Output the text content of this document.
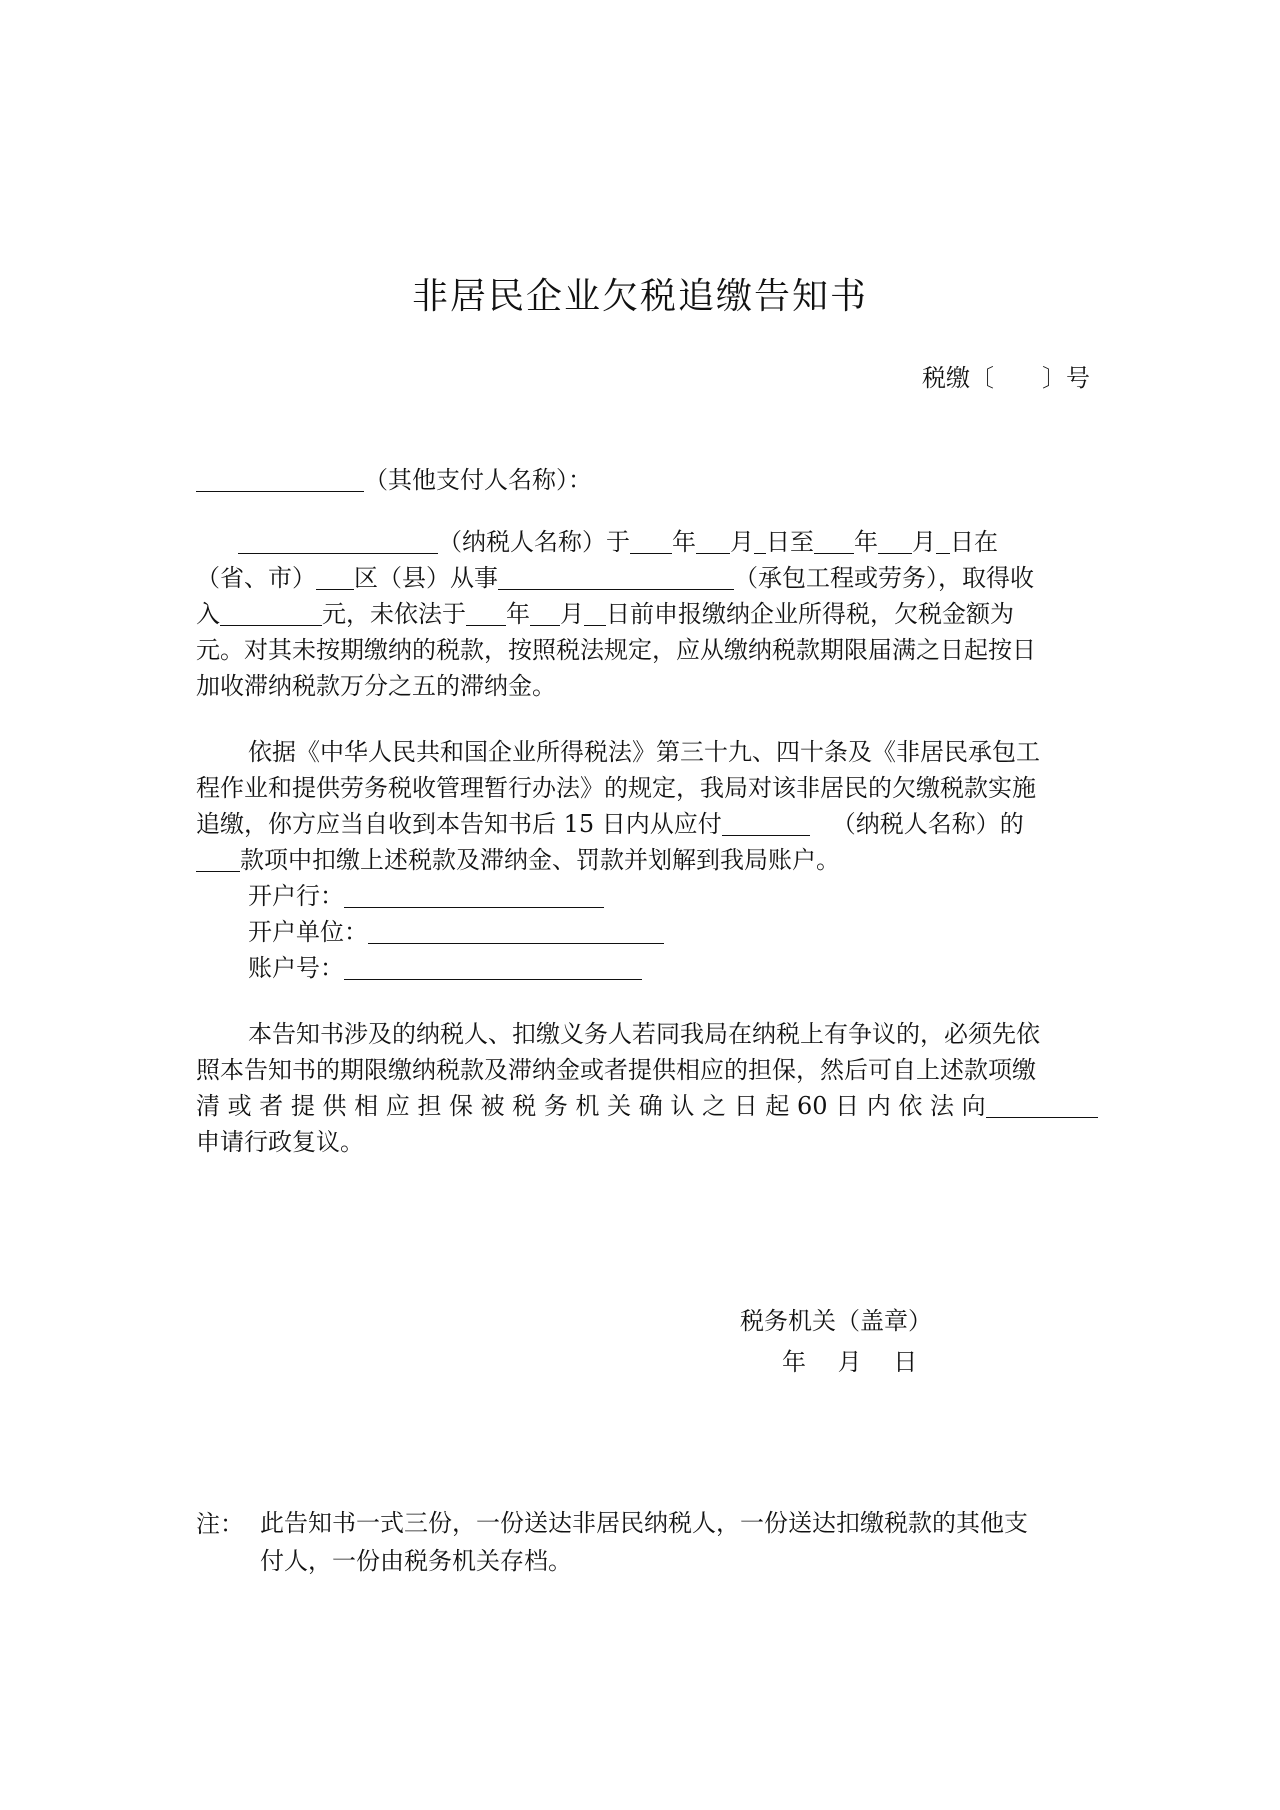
非居民企业欠税追缴告知书
税缴〔　　〕号
（其他支付人名称）：
（纳税人名称）于 年 月 日至 年 月 日在
（省、市） 区（县）从事	（承包工程或劳务），取得收
入	元，未依法于 年 月 日前申报缴纳企业所得税，欠税金额为
元。对其未按期缴纳的税款，按照税法规定，应从缴纳税款期限届满之日起按日
加收滞纳税款万分之五的滞纳金。
依据《中华人民共和国企业所得税法》第三十九、四十条及《非居民承包工
程作业和提供劳务税收管理暂行办法》的规定，我局对该非居民的欠缴税款实施
追缴，你方应当自收到本告知书后 15 日内从应付	（纳税人名称）的
款项中扣缴上述税款及滞纳金、罚款并划解到我局账户。
开户行：
开户单位：
账户号：
本告知书涉及的纳税人、扣缴义务人若同我局在纳税上有争议的，必须先依
照本告知书的期限缴纳税款及滞纳金或者提供相应的担保，然后可自上述款项缴
清 或 者 提 供 相 应 担 保 被 税 务 机 关 确 认 之 日 起 60 日 内 依 法 向
申请行政复议。
税务机关（盖章）
年　 月　 日
注： 此告知书一式三份，一份送达非居民纳税人，一份送达扣缴税款的其他支
付人，一份由税务机关存档。
